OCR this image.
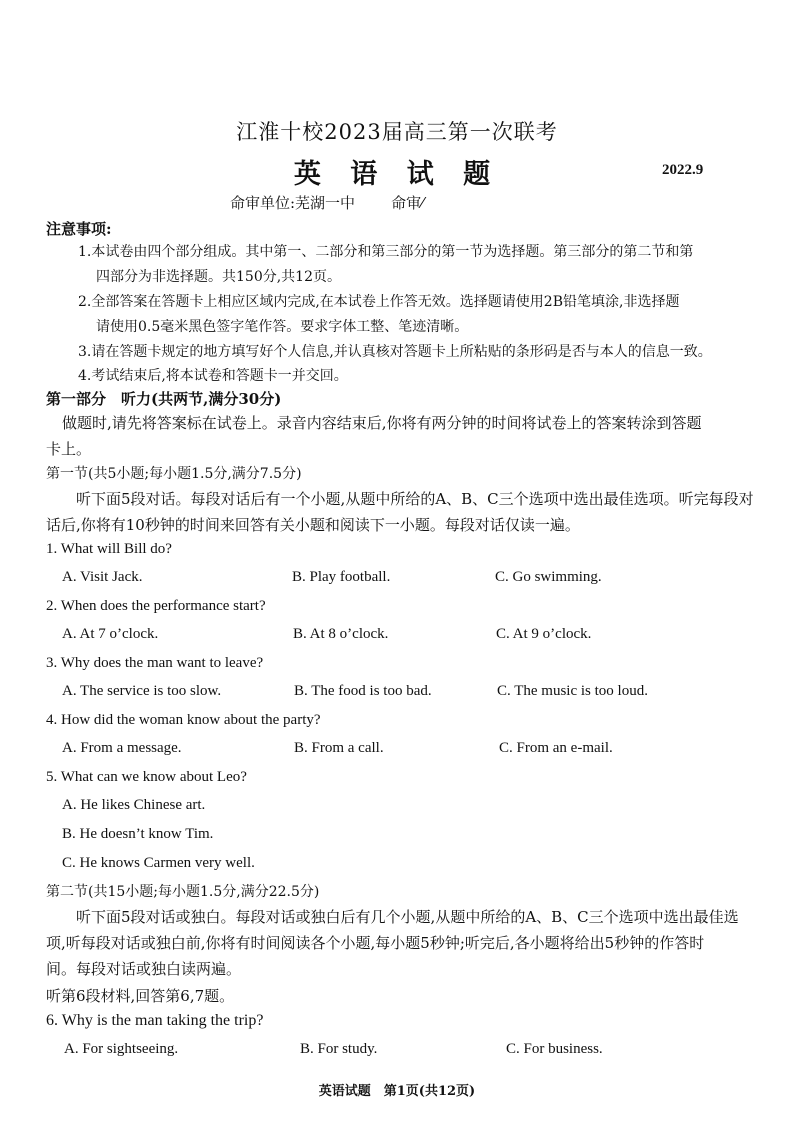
江淮十校2023届高三第一次联考
英 语 试 题	2022.9
命审单位:芜湖一中 命审⁄
注意事项:
1.本试卷由四个部分组成。其中第一、二部分和第三部分的第一节为选择题。第三部分的第二节和第
四部分为非选择题。共150分,共12页。
2.全部答案在答题卡上相应区域内完成,在本试卷上作答无效。选择题请使用2B铅笔填涂,非选择题
请使用0.5毫米黑色签字笔作答。要求字体工整、笔迹清晰。
3.请在答题卡规定的地方填写好个人信息,并认真核对答题卡上所粘贴的条形码是否与本人的信息一致。
4.考试结束后,将本试卷和答题卡一并交回。
第一部分　听力(共两节,满分30分)
做题时,请先将答案标在试卷上。录音内容结束后,你将有两分钟的时间将试卷上的答案转涂到答题
卡上。
第一节(共5小题;每小题1.5分,满分7.5分)
听下面5段对话。每段对话后有一个小题,从题中所给的A、B、C三个选项中选出最佳选项。听完每段对
话后,你将有10秒钟的时间来回答有关小题和阅读下一小题。每段对话仅读一遍。
1. What will Bill do?
A. Visit Jack.	B. Play football.	C. Go swimming.
2. When does the performance start?
A. At 7 o’clock.	B. At 8 o’clock.	C. At 9 o’clock.
3. Why does the man want to leave?
A. The service is too slow.	B. The food is too bad.	C. The music is too loud.
4. How did the woman know about the party?
A. From a message.	B. From a call.	C. From an e-mail.
5. What can we know about Leo?
A. He likes Chinese art.
B. He doesn’t know Tim.
C. He knows Carmen very well.
第二节(共15小题;每小题1.5分,满分22.5分)
听下面5段对话或独白。每段对话或独白后有几个小题,从题中所给的A、B、C三个选项中选出最佳选
项,听每段对话或独白前,你将有时间阅读各个小题,每小题5秒钟;听完后,各小题将给出5秒钟的作答时
间。每段对话或独白读两遍。
听第6段材料,回答第6,7题。
6. Why is the man taking the trip?
A. For sightseeing.	B. For study.	C. For business.
英语试题　第1页(共12页)
